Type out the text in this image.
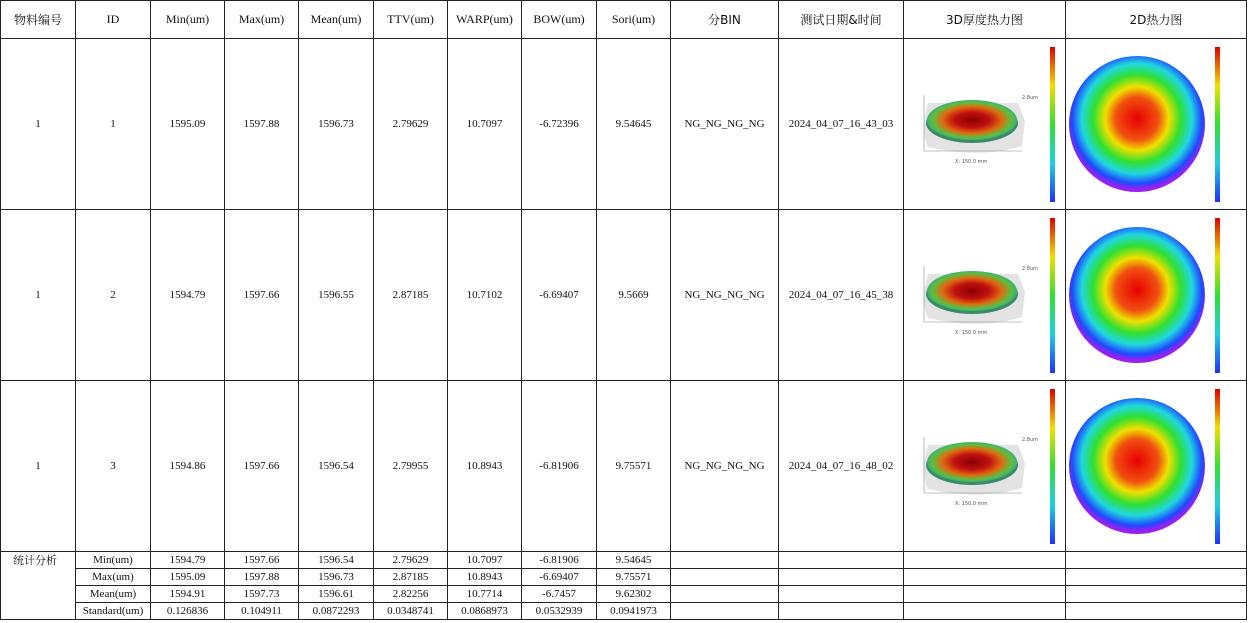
物料编号	ID	Min(um)	Max(um)	Mean(um)	TTV(um)	WARP(um)	BOW(um)	Sori(um)	分BIN	测试日期&时间	3D厚度热力图	2D热力图
1	1	1595.09	1597.88	1596.73	2.79629	10.7097	-6.72396	9.54645	NG_NG_NG_NG	2024_04_07_16_43_03	X: 150.0 mm
2.8um

1	2	1594.79	1597.66	1596.55	2.87185	10.7102	-6.69407	9.5669	NG_NG_NG_NG	2024_04_07_16_45_38	X: 150.0 mm
2.8um

1	3	1594.86	1597.66	1596.54	2.79955	10.8943	-6.81906	9.75571	NG_NG_NG_NG	2024_04_07_16_48_02	X: 150.0 mm
2.8um

统计分析	Min(um)	1594.79	1597.66	1596.54	2.79629	10.7097	-6.81906	9.54645				
	Max(um)	1595.09	1597.88	1596.73	2.87185	10.8943	-6.69407	9.75571				
	Mean(um)	1594.91	1597.73	1596.61	2.82256	10.7714	-6.7457	9.62302				
	Standard(um)	0.126836	0.104911	0.0872293	0.0348741	0.0868973	0.0532939	0.0941973				
